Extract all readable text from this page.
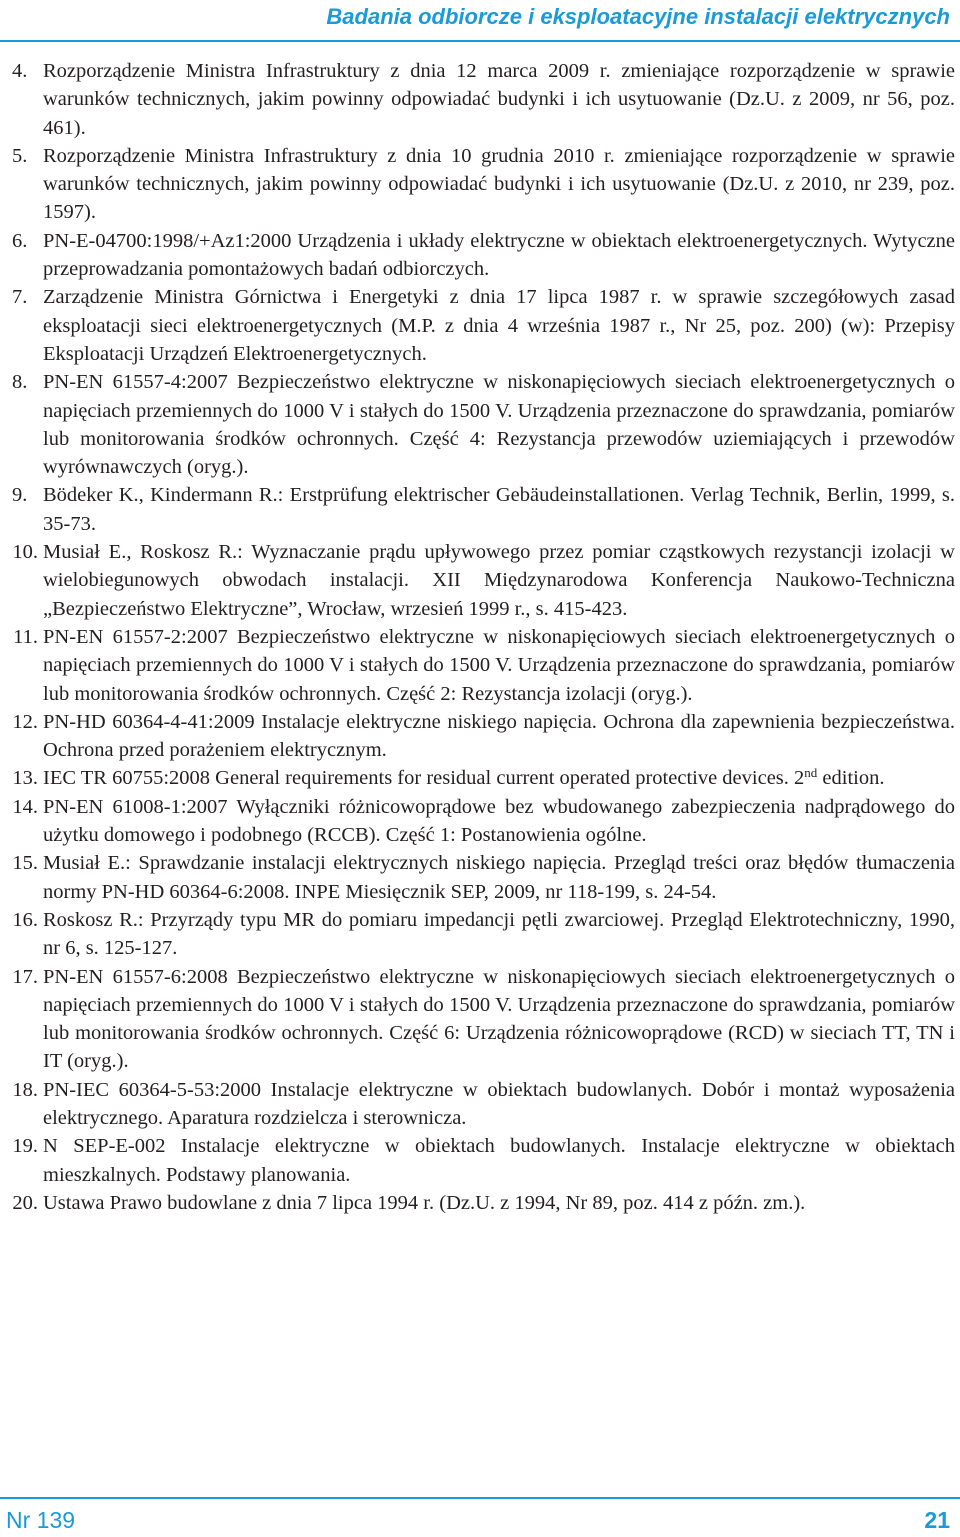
Badania odbiorcze i eksploatacyjne instalacji elektrycznych
4. Rozporządzenie Ministra Infrastruktury z dnia 12 marca 2009 r. zmieniające rozporządzenie w sprawie warunków technicznych, jakim powinny odpowiadać budynki i ich usytuowanie (Dz.U. z 2009, nr 56, poz. 461).
5. Rozporządzenie Ministra Infrastruktury z dnia 10 grudnia 2010 r. zmieniające rozporządzenie w sprawie warunków technicznych, jakim powinny odpowiadać budynki i ich usytuowanie (Dz.U. z 2010, nr 239, poz. 1597).
6. PN-E-04700:1998/+Az1:2000 Urządzenia i układy elektryczne w obiektach elektroenergetycznych. Wytyczne przeprowadzania pomontażowych badań odbiorczych.
7. Zarządzenie Ministra Górnictwa i Energetyki z dnia 17 lipca 1987 r. w sprawie szczegółowych zasad eksploatacji sieci elektroenergetycznych (M.P. z dnia 4 września 1987 r., Nr 25, poz. 200) (w): Przepisy Eksploatacji Urządzeń Elektroenergetycznych.
8. PN-EN 61557-4:2007 Bezpieczeństwo elektryczne w niskonapięciowych sieciach elektroenergetycznych o napięciach przemiennych do 1000 V i stałych do 1500 V. Urządzenia przeznaczone do sprawdzania, pomiarów lub monitorowania środków ochronnych. Część 4: Rezystancja przewodów uziemiających i przewodów wyrównawczych (oryg.).
9. Bödeker K., Kindermann R.: Erstprüfung elektrischer Gebäudeinstallationen. Verlag Technik, Berlin, 1999, s. 35-73.
10. Musiał E., Roskosz R.: Wyznaczanie prądu upływowego przez pomiar cząstkowych rezystancji izolacji w wielobiegunowych obwodach instalacji. XII Międzynarodowa Konferencja Naukowo-Techniczna „Bezpieczeństwo Elektryczne”, Wrocław, wrzesień 1999 r., s. 415-423.
11. PN-EN 61557-2:2007 Bezpieczeństwo elektryczne w niskonapięciowych sieciach elektroenergetycznych o napięciach przemiennych do 1000 V i stałych do 1500 V. Urządzenia przeznaczone do sprawdzania, pomiarów lub monitorowania środków ochronnych. Część 2: Rezystancja izolacji (oryg.).
12. PN-HD 60364-4-41:2009 Instalacje elektryczne niskiego napięcia. Ochrona dla zapewnienia bezpieczeństwa. Ochrona przed porażeniem elektrycznym.
13. IEC TR 60755:2008 General requirements for residual current operated protective devices. 2nd edition.
14. PN-EN 61008-1:2007 Wyłączniki różnicowoprądowe bez wbudowanego zabezpieczenia nadprądowego do użytku domowego i podobnego (RCCB). Część 1: Postanowienia ogólne.
15. Musiał E.: Sprawdzanie instalacji elektrycznych niskiego napięcia. Przegląd treści oraz błędów tłumaczenia normy PN-HD 60364-6:2008. INPE Miesięcznik SEP, 2009, nr 118-199, s. 24-54.
16. Roskosz R.: Przyrządy typu MR do pomiaru impedancji pętli zwarciowej. Przegląd Elektrotechniczny, 1990, nr 6, s. 125-127.
17. PN-EN 61557-6:2008 Bezpieczeństwo elektryczne w niskonapięciowych sieciach elektroenergetycznych o napięciach przemiennych do 1000 V i stałych do 1500 V. Urządzenia przeznaczone do sprawdzania, pomiarów lub monitorowania środków ochronnych. Część 6: Urządzenia różnicowoprądowe (RCD) w sieciach TT, TN i IT (oryg.).
18. PN-IEC 60364-5-53:2000 Instalacje elektryczne w obiektach budowlanych. Dobór i montaż wyposażenia elektrycznego. Aparatura rozdzielcza i sterownicza.
19. N SEP-E-002 Instalacje elektryczne w obiektach budowlanych. Instalacje elektryczne w obiektach mieszkalnych. Podstawy planowania.
20. Ustawa Prawo budowlane z dnia 7 lipca 1994 r. (Dz.U. z 1994, Nr 89, poz. 414 z późn. zm.).
Nr 139	21
